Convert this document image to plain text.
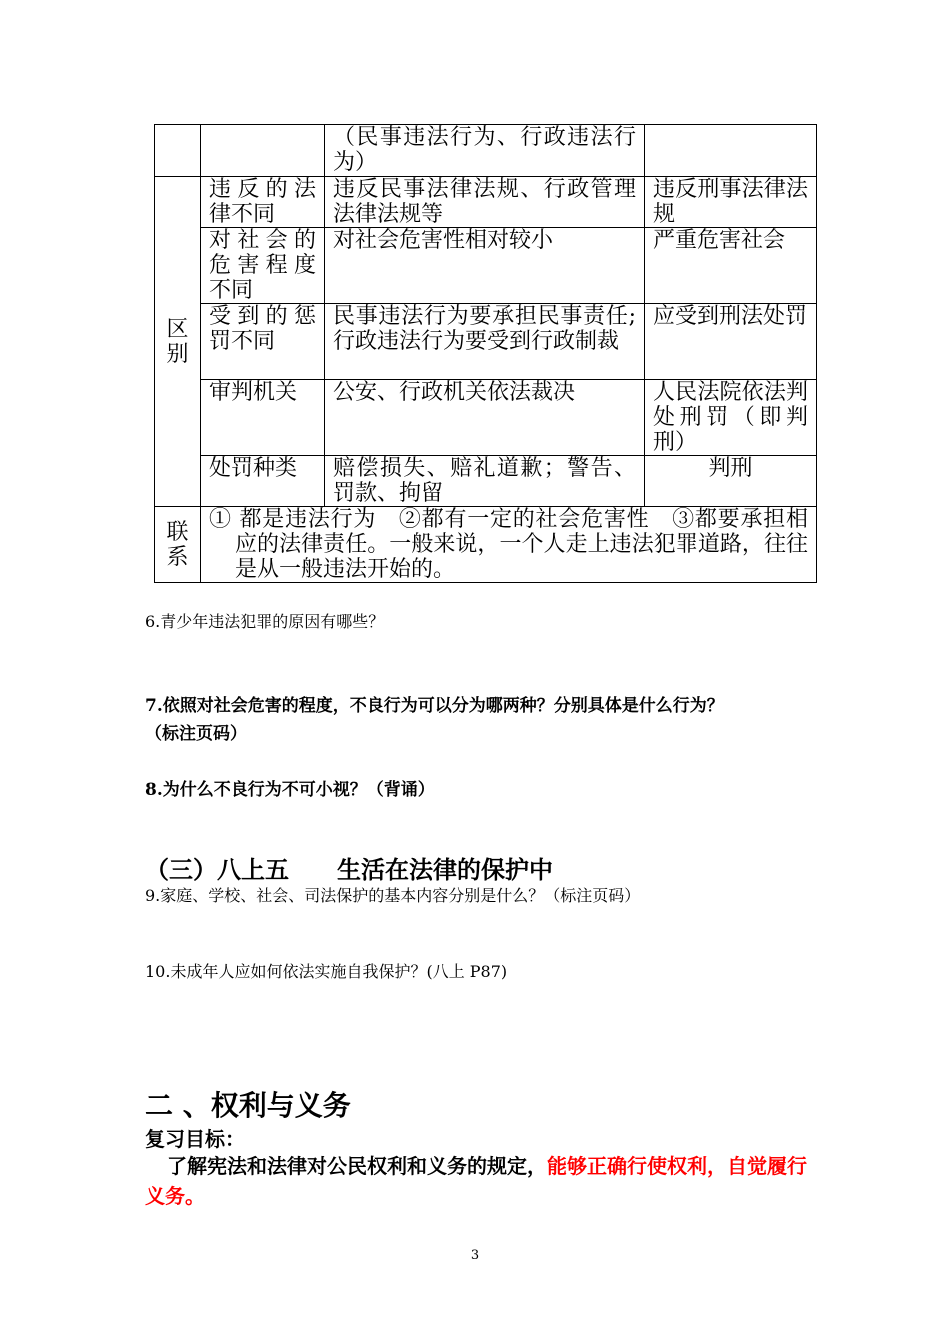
		（民事违法行为、行政违法行为）	
区别	违反的法律不同	违反民事法律法规、行政管理法律法规等	违反刑事法律法规
	对社会的危害程度不同	对社会危害性相对较小	严重危害社会
	受到的惩罚不同	民事违法行为要承担民事责任;行政违法行为要受到行政制裁	应受到刑法处罚
	审判机关	公安、行政机关依法裁决	人民法院依法判处刑罚（即判刑）
	处罚种类	赔偿损失、赔礼道歉；警告、罚款、拘留	判刑
联系	① 都是违法行为　②都有一定的社会危害性　③都要承担相应的法律责任。一般来说，一个人走上违法犯罪道路，往往是从一般违法开始的。		
6.青少年违法犯罪的原因有哪些？
7.依照对社会危害的程度，不良行为可以分为哪两种？分别具体是什么行为？
（标注页码）
8.为什么不良行为不可小视？（背诵）
（三）八上五　　生活在法律的保护中
9.家庭、学校、社会、司法保护的基本内容分别是什么？（标注页码）
10.未成年人应如何依法实施自我保护？(八上 P87)
二 、权利与义务
复习目标：
了解宪法和法律对公民权利和义务的规定，能够正确行使权利，自觉履行义务。
3
